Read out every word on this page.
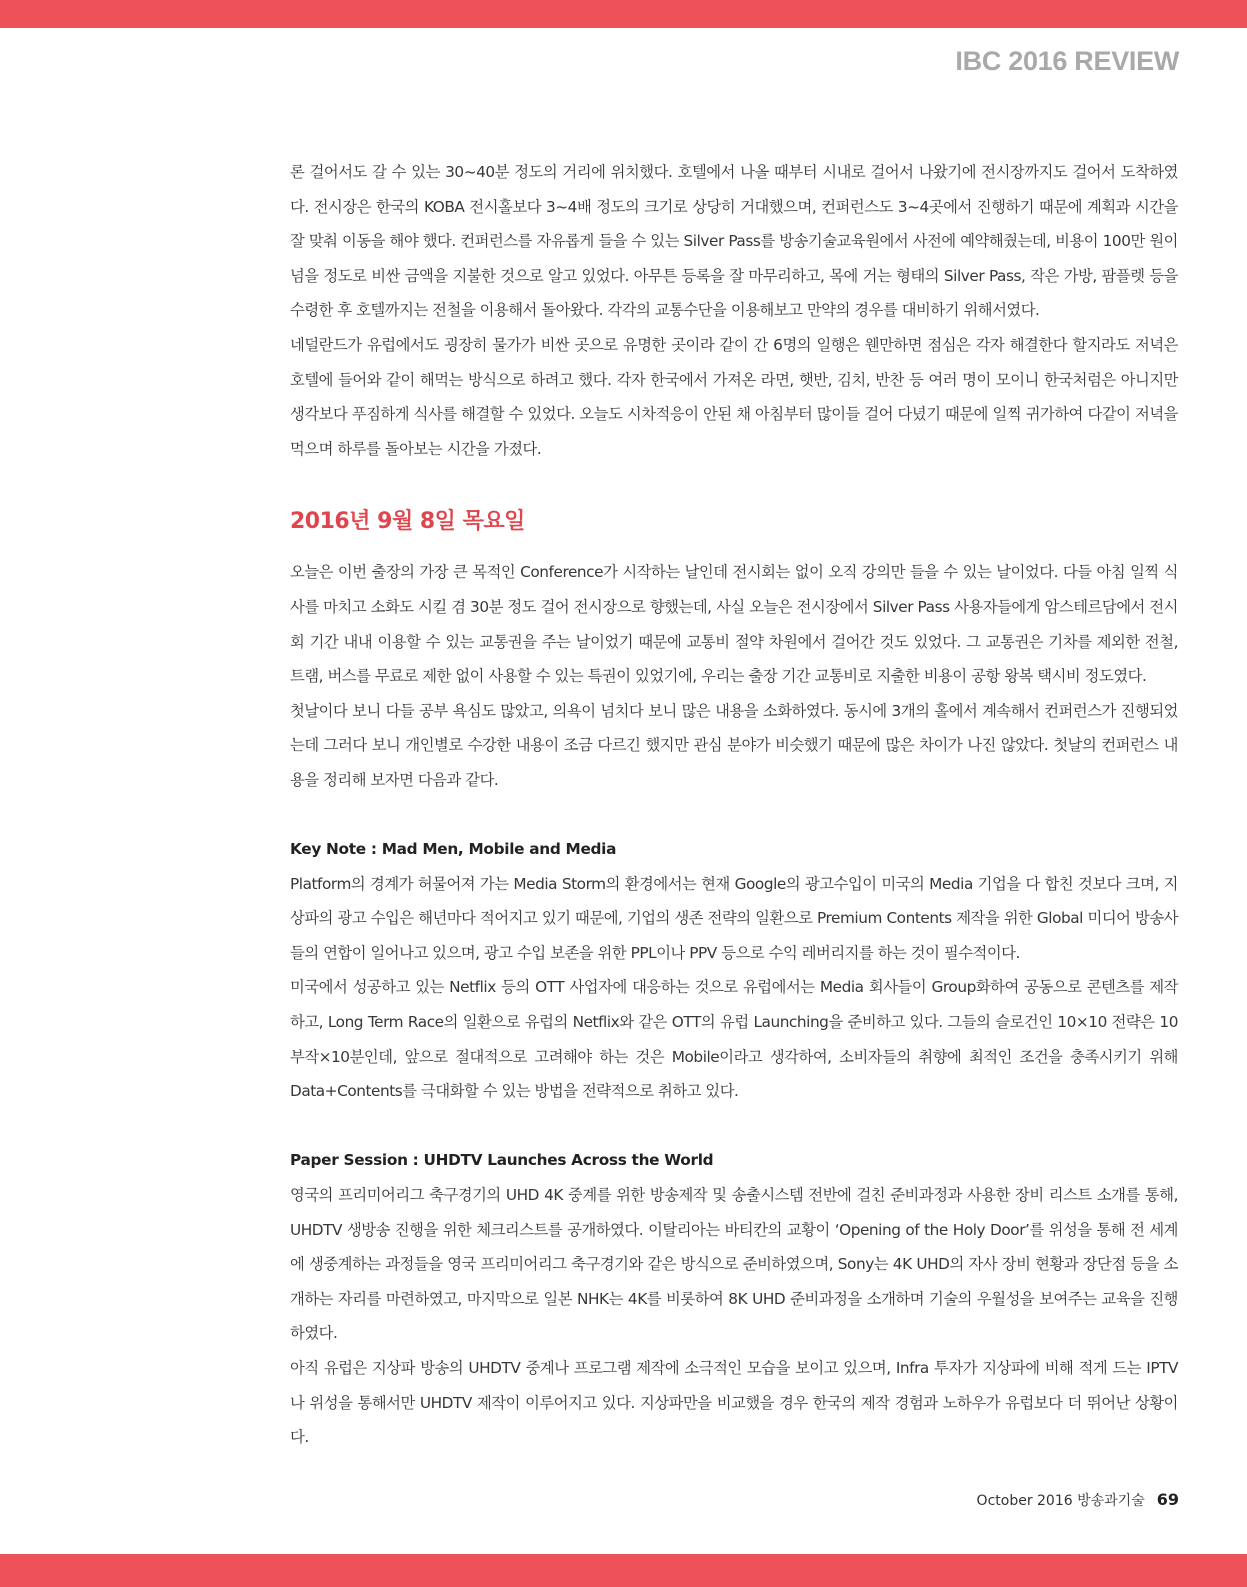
IBC 2016 REVIEW

론 걸어서도 갈 수 있는 30~40분 정도의 거리에 위치했다. 호텔에서 나올 때부터 시내로 걸어서 나왔기에 전시장까지도 걸어서 도착하였다. 전시장은 한국의 KOBA 전시홀보다 3~4배 정도의 크기로 상당히 거대했으며, 컨퍼런스도 3~4곳에서 진행하기 때문에 계획과 시간을 잘 맞춰 이동을 해야 했다. 컨퍼런스를 자유롭게 들을 수 있는 Silver Pass를 방송기술교육원에서 사전에 예약해줬는데, 비용이 100만 원이 넘을 정도로 비싼 금액을 지불한 것으로 알고 있었다. 아무튼 등록을 잘 마무리하고, 목에 거는 형태의 Silver Pass, 작은 가방, 팜플렛 등을 수령한 후 호텔까지는 전철을 이용해서 돌아왔다. 각각의 교통수단을 이용해보고 만약의 경우를 대비하기 위해서였다.

네덜란드가 유럽에서도 굉장히 물가가 비싼 곳으로 유명한 곳이라 같이 간 6명의 일행은 웬만하면 점심은 각자 해결한다 할지라도 저녁은 호텔에 들어와 같이 해먹는 방식으로 하려고 했다. 각자 한국에서 가져온 라면, 햇반, 김치, 반찬 등 여러 명이 모이니 한국처럼은 아니지만 생각보다 푸짐하게 식사를 해결할 수 있었다. 오늘도 시차적응이 안된 채 아침부터 많이들 걸어 다녔기 때문에 일찍 귀가하여 다같이 저녁을 먹으며 하루를 돌아보는 시간을 가졌다.

2016년 9월 8일 목요일

오늘은 이번 출장의 가장 큰 목적인 Conference가 시작하는 날인데 전시회는 없이 오직 강의만 들을 수 있는 날이었다. 다들 아침 일찍 식사를 마치고 소화도 시킬 겸 30분 정도 걸어 전시장으로 향했는데, 사실 오늘은 전시장에서 Silver Pass 사용자들에게 암스테르담에서 전시회 기간 내내 이용할 수 있는 교통권을 주는 날이었기 때문에 교통비 절약 차원에서 걸어간 것도 있었다. 그 교통권은 기차를 제외한 전철, 트램, 버스를 무료로 제한 없이 사용할 수 있는 특권이 있었기에, 우리는 출장 기간 교통비로 지출한 비용이 공항 왕복 택시비 정도였다.

첫날이다 보니 다들 공부 욕심도 많았고, 의욕이 넘치다 보니 많은 내용을 소화하였다. 동시에 3개의 홀에서 계속해서 컨퍼런스가 진행되었는데 그러다 보니 개인별로 수강한 내용이 조금 다르긴 했지만 관심 분야가 비슷했기 때문에 많은 차이가 나진 않았다. 첫날의 컨퍼런스 내용을 정리해 보자면 다음과 같다.

Key Note : Mad Men, Mobile and Media

Platform의 경계가 허물어져 가는 Media Storm의 환경에서는 현재 Google의 광고수입이 미국의 Media 기업을 다 합친 것보다 크며, 지상파의 광고 수입은 해년마다 적어지고 있기 때문에, 기업의 생존 전략의 일환으로 Premium Contents 제작을 위한 Global 미디어 방송사들의 연합이 일어나고 있으며, 광고 수입 보존을 위한 PPL이나 PPV 등으로 수익 레버리지를 하는 것이 필수적이다.

미국에서 성공하고 있는 Netflix 등의 OTT 사업자에 대응하는 것으로 유럽에서는 Media 회사들이 Group화하여 공동으로 콘텐츠를 제작하고, Long Term Race의 일환으로 유럽의 Netflix와 같은 OTT의 유럽 Launching을 준비하고 있다. 그들의 슬로건인 10×10 전략은 10부작×10분인데, 앞으로 절대적으로 고려해야 하는 것은 Mobile이라고 생각하여, 소비자들의 취향에 최적인 조건을 충족시키기 위해 Data+Contents를 극대화할 수 있는 방법을 전략적으로 취하고 있다.

Paper Session : UHDTV Launches Across the World

영국의 프리미어리그 축구경기의 UHD 4K 중계를 위한 방송제작 및 송출시스템 전반에 걸친 준비과정과 사용한 장비 리스트 소개를 통해, UHDTV 생방송 진행을 위한 체크리스트를 공개하였다. 이탈리아는 바티칸의 교황이 ‘Opening of the Holy Door’를 위성을 통해 전 세계에 생중계하는 과정들을 영국 프리미어리그 축구경기와 같은 방식으로 준비하였으며, Sony는 4K UHD의 자사 장비 현황과 장단점 등을 소개하는 자리를 마련하였고, 마지막으로 일본 NHK는 4K를 비롯하여 8K UHD 준비과정을 소개하며 기술의 우월성을 보여주는 교육을 진행하였다.

아직 유럽은 지상파 방송의 UHDTV 중계나 프로그램 제작에 소극적인 모습을 보이고 있으며, Infra 투자가 지상파에 비해 적게 드는 IPTV나 위성을 통해서만 UHDTV 제작이 이루어지고 있다. 지상파만을 비교했을 경우 한국의 제작 경험과 노하우가 유럽보다 더 뛰어난 상황이다.

October 2016 방송과기술 69
